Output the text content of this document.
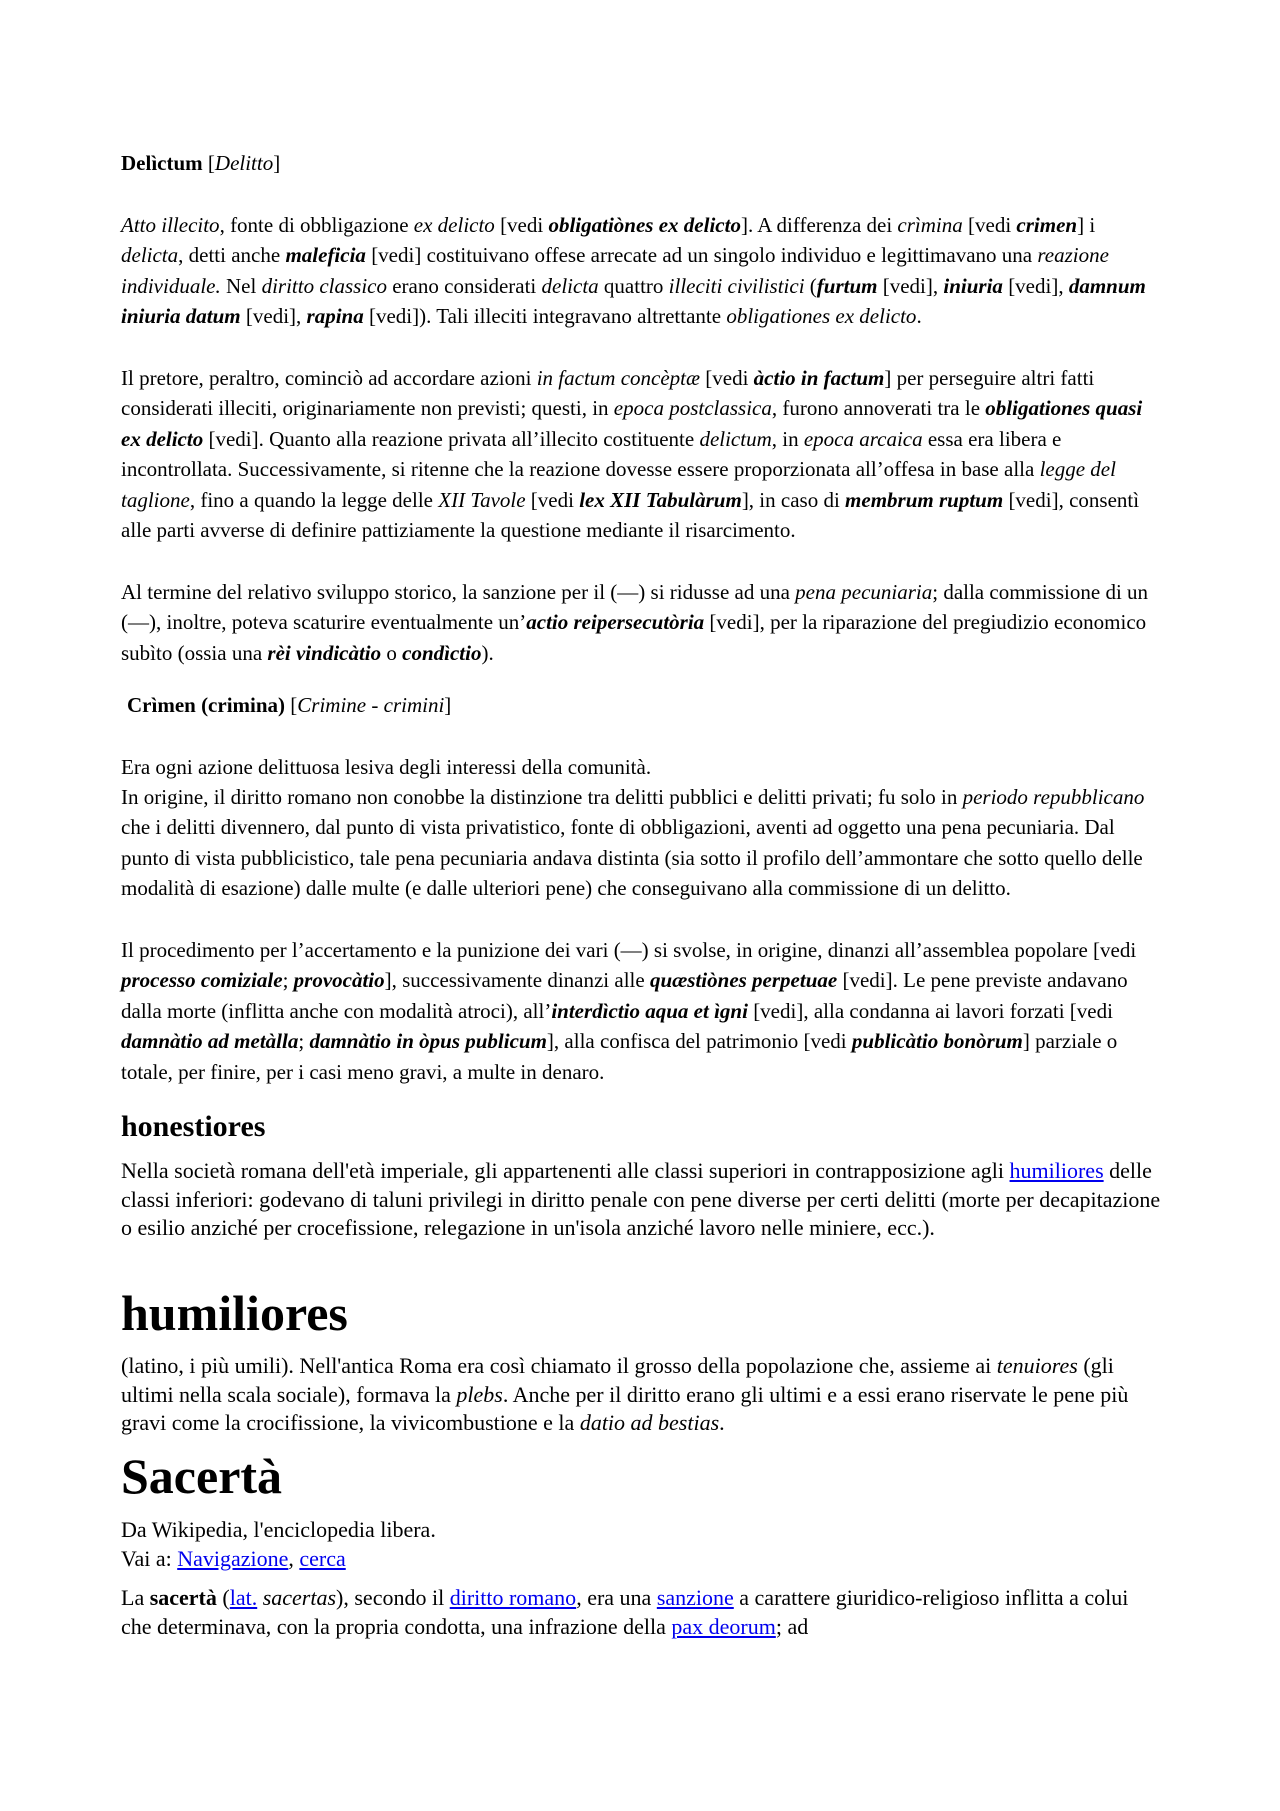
Delìctum [Delitto]

Atto illecito, fonte di obbligazione ex delicto [vedi obligatiònes ex delicto]. A differenza dei crìmina [vedi crimen] i delicta, detti anche maleficia [vedi] costituivano offese arrecate ad un singolo individuo e legittimavano una reazione individuale. Nel diritto classico erano considerati delicta quattro illeciti civilistici (furtum [vedi], iniuria [vedi], damnum iniuria datum [vedi], rapina [vedi]). Tali illeciti integravano altrettante obligationes ex delicto.

Il pretore, peraltro, cominciò ad accordare azioni in factum concèptæ [vedi àctio in factum] per perseguire altri fatti considerati illeciti, originariamente non previsti; questi, in epoca postclassica, furono annoverati tra le obligationes quasi ex delicto [vedi]. Quanto alla reazione privata all’illecito costituente delictum, in epoca arcaica essa era libera e incontrollata. Successivamente, si ritenne che la reazione dovesse essere proporzionata all’offesa in base alla legge del taglione, fino a quando la legge delle XII Tavole [vedi lex XII Tabulàrum], in caso di membrum ruptum [vedi], consentì alle parti avverse di definire pattiziamente la questione mediante il risarcimento.

Al termine del relativo sviluppo storico, la sanzione per il (—) si ridusse ad una pena pecuniaria; dalla commissione di un (—), inoltre, poteva scaturire eventualmente un’actio reipersecutòria [vedi], per la riparazione del pregiudizio economico subìto (ossia una rèi vindicàtio o condìctio).

Crìmen (crimina) [Crimine - crimini]

Era ogni azione delittuosa lesiva degli interessi della comunità.

In origine, il diritto romano non conobbe la distinzione tra delitti pubblici e delitti privati; fu solo in periodo repubblicano che i delitti divennero, dal punto di vista privatistico, fonte di obbligazioni, aventi ad oggetto una pena pecuniaria. Dal punto di vista pubblicistico, tale pena pecuniaria andava distinta (sia sotto il profilo dell’ammontare che sotto quello delle modalità di esazione) dalle multe (e dalle ulteriori pene) che conseguivano alla commissione di un delitto.

Il procedimento per l’accertamento e la punizione dei vari (—) si svolse, in origine, dinanzi all’assemblea popolare [vedi processo comiziale; provocàtio], successivamente dinanzi alle quæstiònes perpetuae [vedi]. Le pene previste andavano dalla morte (inflitta anche con modalità atroci), all’interdìctio aqua et ìgni [vedi], alla condanna ai lavori forzati [vedi damnàtio ad metàlla; damnàtio in òpus publicum], alla confisca del patrimonio [vedi publicàtio bonòrum] parziale o totale, per finire, per i casi meno gravi, a multe in denaro.

honestiores

Nella società romana dell'età imperiale, gli appartenenti alle classi superiori in contrapposizione agli humiliores delle classi inferiori: godevano di taluni privilegi in diritto penale con pene diverse per certi delitti (morte per decapitazione o esilio anziché per crocefissione, relegazione in un'isola anziché lavoro nelle miniere, ecc.).

humiliores

(latino, i più umili). Nell'antica Roma era così chiamato il grosso della popolazione che, assieme ai tenuiores (gli ultimi nella scala sociale), formava la plebs. Anche per il diritto erano gli ultimi e a essi erano riservate le pene più gravi come la crocifissione, la vivicombustione e la datio ad bestias.

Sacertà

Da Wikipedia, l'enciclopedia libera.

Vai a: Navigazione, cerca

La sacertà (lat. sacertas), secondo il diritto romano, era una sanzione a carattere giuridico-religioso inflitta a colui che determinava, con la propria condotta, una infrazione della pax deorum; ad
